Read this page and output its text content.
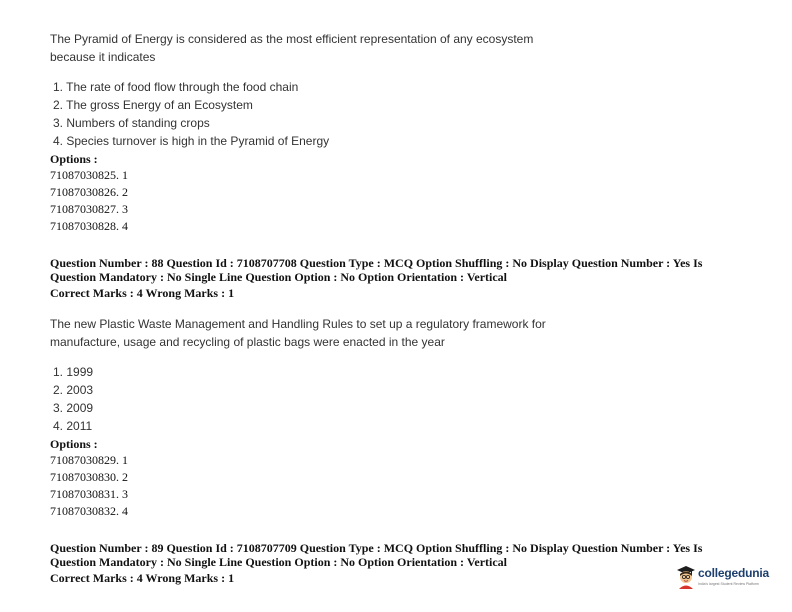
The Pyramid of Energy is considered as the most efficient representation of any ecosystem
because it indicates
1. The rate of food flow through the food chain
2. The gross Energy of an Ecosystem
3. Numbers of standing crops
4. Species turnover is high in the Pyramid of Energy
Options :
71087030825. 1
71087030826. 2
71087030827. 3
71087030828. 4
Question Number : 88 Question Id : 7108707708 Question Type : MCQ Option Shuffling : No Display Question Number : Yes Is
Question Mandatory : No Single Line Question Option : No Option Orientation : Vertical
Correct Marks : 4 Wrong Marks : 1
The new Plastic Waste Management and Handling Rules to set up a regulatory framework for
manufacture, usage and recycling of plastic bags were enacted in the year
1. 1999
2. 2003
3. 2009
4. 2011
Options :
71087030829. 1
71087030830. 2
71087030831. 3
71087030832. 4
Question Number : 89 Question Id : 7108707709 Question Type : MCQ Option Shuffling : No Display Question Number : Yes Is
Question Mandatory : No Single Line Question Option : No Option Orientation : Vertical
Correct Marks : 4 Wrong Marks : 1	collegedunia
India's largest Student Review Platform
